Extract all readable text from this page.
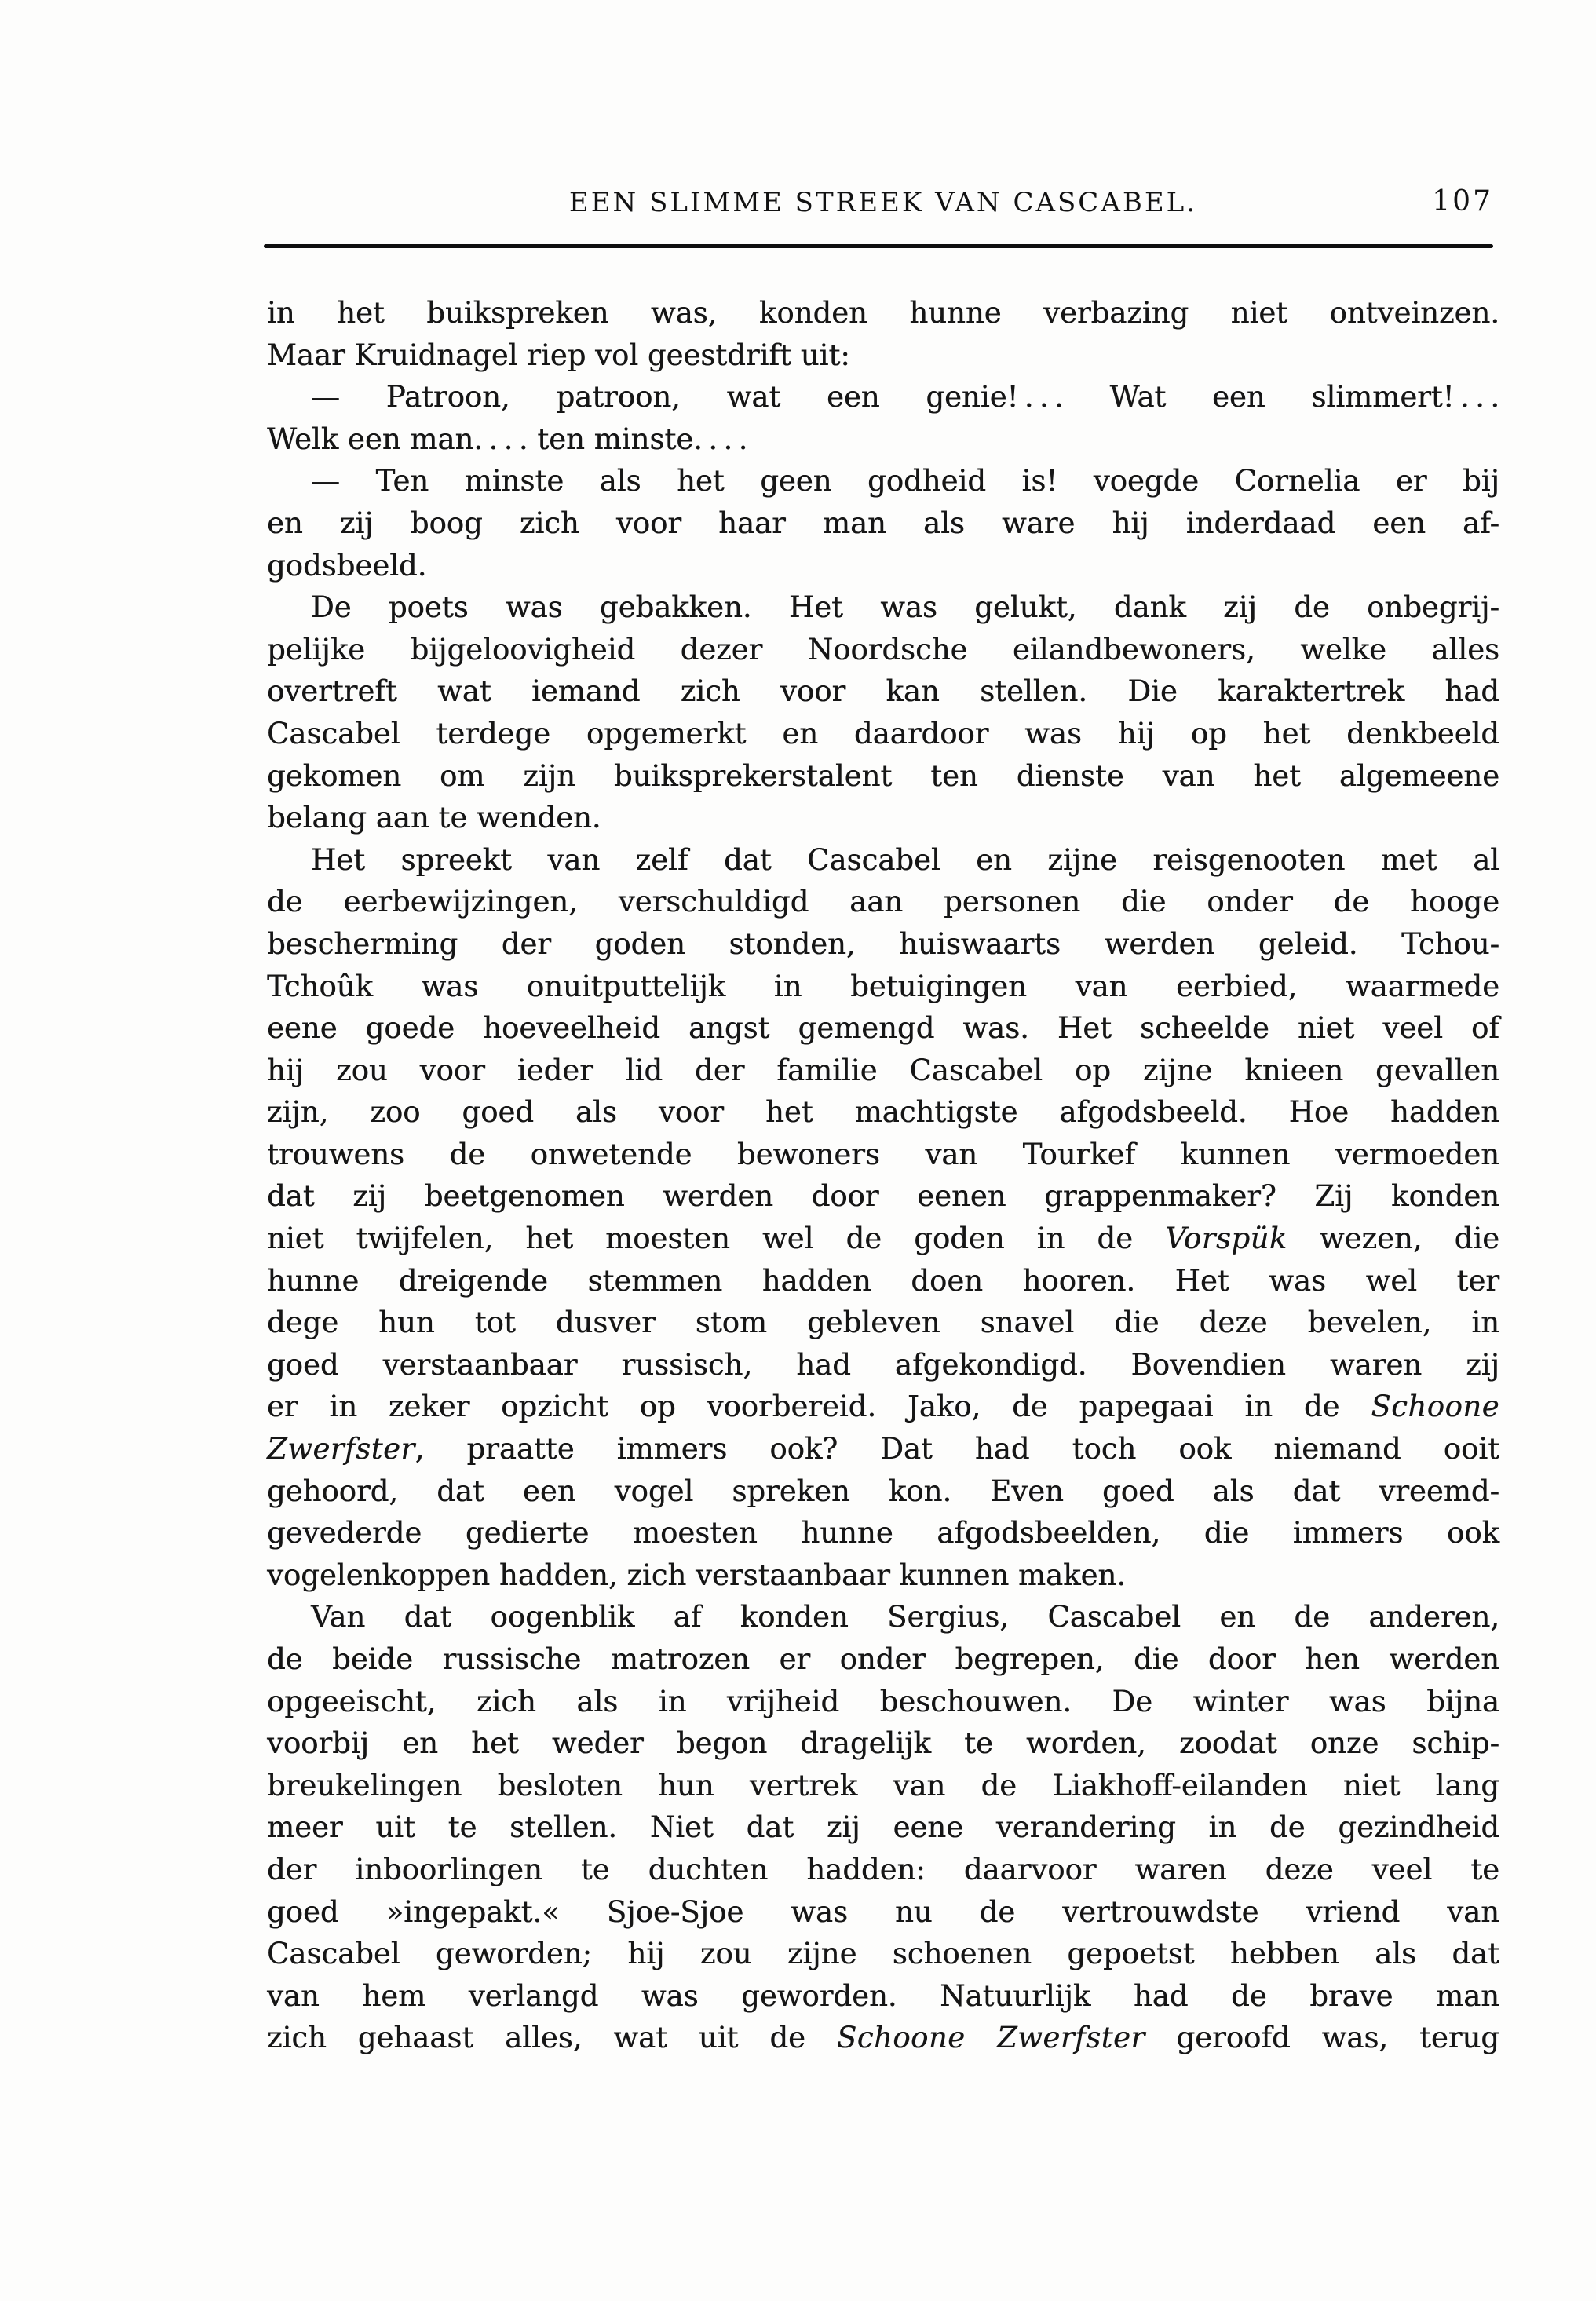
EEN SLIMME STREEK VAN CASCABEL.	107
in het buikspreken was, konden hunne verbazing niet ontveinzen.
Maar Kruidnagel riep vol geestdrift uit:
— Patroon, patroon, wat een genie! . . . Wat een slimmert! . . .
Welk een man. . . . ten minste. . . .
— Ten minste als het geen godheid is! voegde Cornelia er bij
en zij boog zich voor haar man als ware hij inderdaad een af-
godsbeeld.
De poets was gebakken. Het was gelukt, dank zij de onbegrij-
pelijke bijgeloovigheid dezer Noordsche eilandbewoners, welke alles
overtreft wat iemand zich voor kan stellen. Die karaktertrek had
Cascabel terdege opgemerkt en daardoor was hij op het denkbeeld
gekomen om zijn buiksprekerstalent ten dienste van het algemeene
belang aan te wenden.
Het spreekt van zelf dat Cascabel en zijne reisgenooten met al
de eerbewijzingen, verschuldigd aan personen die onder de hooge
bescherming der goden stonden, huiswaarts werden geleid. Tchou-
Tchoûk was onuitputtelijk in betuigingen van eerbied, waarmede
eene goede hoeveelheid angst gemengd was. Het scheelde niet veel of
hij zou voor ieder lid der familie Cascabel op zijne knieen gevallen
zijn, zoo goed als voor het machtigste afgodsbeeld. Hoe hadden
trouwens de onwetende bewoners van Tourkef kunnen vermoeden
dat zij beetgenomen werden door eenen grappenmaker? Zij konden
niet twijfelen, het moesten wel de goden in de Vorspük wezen, die
hunne dreigende stemmen hadden doen hooren. Het was wel ter
dege hun tot dusver stom gebleven snavel die deze bevelen, in
goed verstaanbaar russisch, had afgekondigd. Bovendien waren zij
er in zeker opzicht op voorbereid. Jako, de papegaai in de Schoone
Zwerfster, praatte immers ook? Dat had toch ook niemand ooit
gehoord, dat een vogel spreken kon. Even goed als dat vreemd-
gevederde gedierte moesten hunne afgodsbeelden, die immers ook
vogelenkoppen hadden, zich verstaanbaar kunnen maken.
Van dat oogenblik af konden Sergius, Cascabel en de anderen,
de beide russische matrozen er onder begrepen, die door hen werden
opgeeischt, zich als in vrijheid beschouwen. De winter was bijna
voorbij en het weder begon dragelijk te worden, zoodat onze schip-
breukelingen besloten hun vertrek van de Liakhoff-eilanden niet lang
meer uit te stellen. Niet dat zij eene verandering in de gezindheid
der inboorlingen te duchten hadden: daarvoor waren deze veel te
goed »ingepakt.« Sjoe-Sjoe was nu de vertrouwdste vriend van
Cascabel geworden; hij zou zijne schoenen gepoetst hebben als dat
van hem verlangd was geworden. Natuurlijk had de brave man
zich gehaast alles, wat uit de Schoone Zwerfster geroofd was, terug
